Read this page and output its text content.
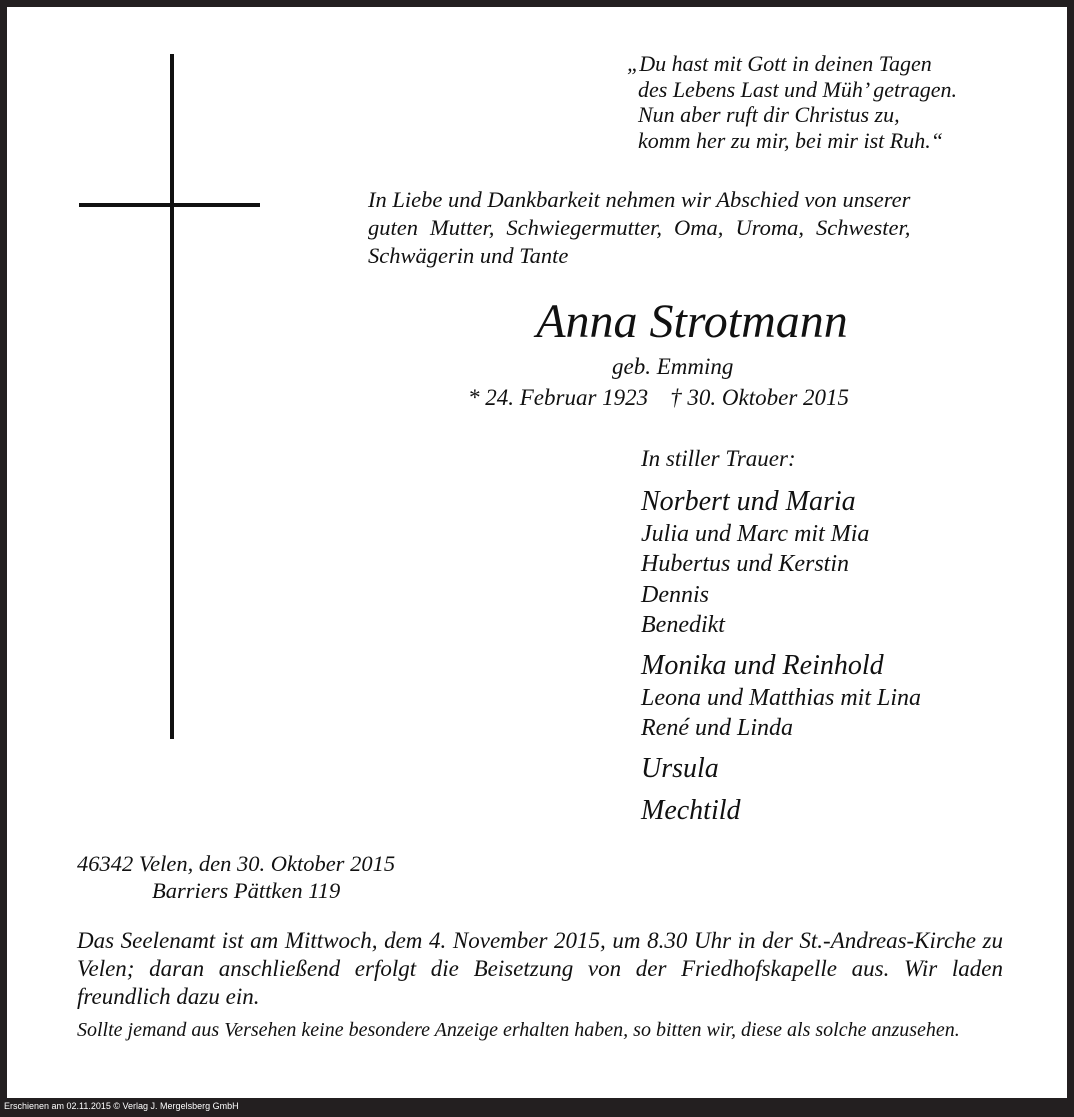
„Du hast mit Gott in deinen Tagen
des Lebens Last und Müh’ getragen.
Nun aber ruft dir Christus zu,
komm her zu mir, bei mir ist Ruh.“
In Liebe und Dankbarkeit nehmen wir Abschied von unserer
guten Mutter, Schwiegermutter, Oma, Uroma, Schwester,
Schwägerin und Tante
Anna Strotmann
geb. Emming
* 24. Februar 1923 † 30. Oktober 2015
In stiller Trauer:
Norbert und Maria
Julia und Marc mit Mia
Hubertus und Kerstin
Dennis
Benedikt
Monika und Reinhold
Leona und Matthias mit Lina
René und Linda
Ursula
Mechtild
46342 Velen, den 30. Oktober 2015
Barriers Pättken 119
Das Seelenamt ist am Mittwoch, dem 4. November 2015, um 8.30 Uhr in der St.-Andreas-Kirche zu Velen; daran anschließend erfolgt die Beisetzung von der Friedhofskapelle aus. Wir laden freundlich dazu ein.
Sollte jemand aus Versehen keine besondere Anzeige erhalten haben, so bitten wir, diese als solche anzusehen.
Erschienen am 02.11.2015 © Verlag J. Mergelsberg GmbH
